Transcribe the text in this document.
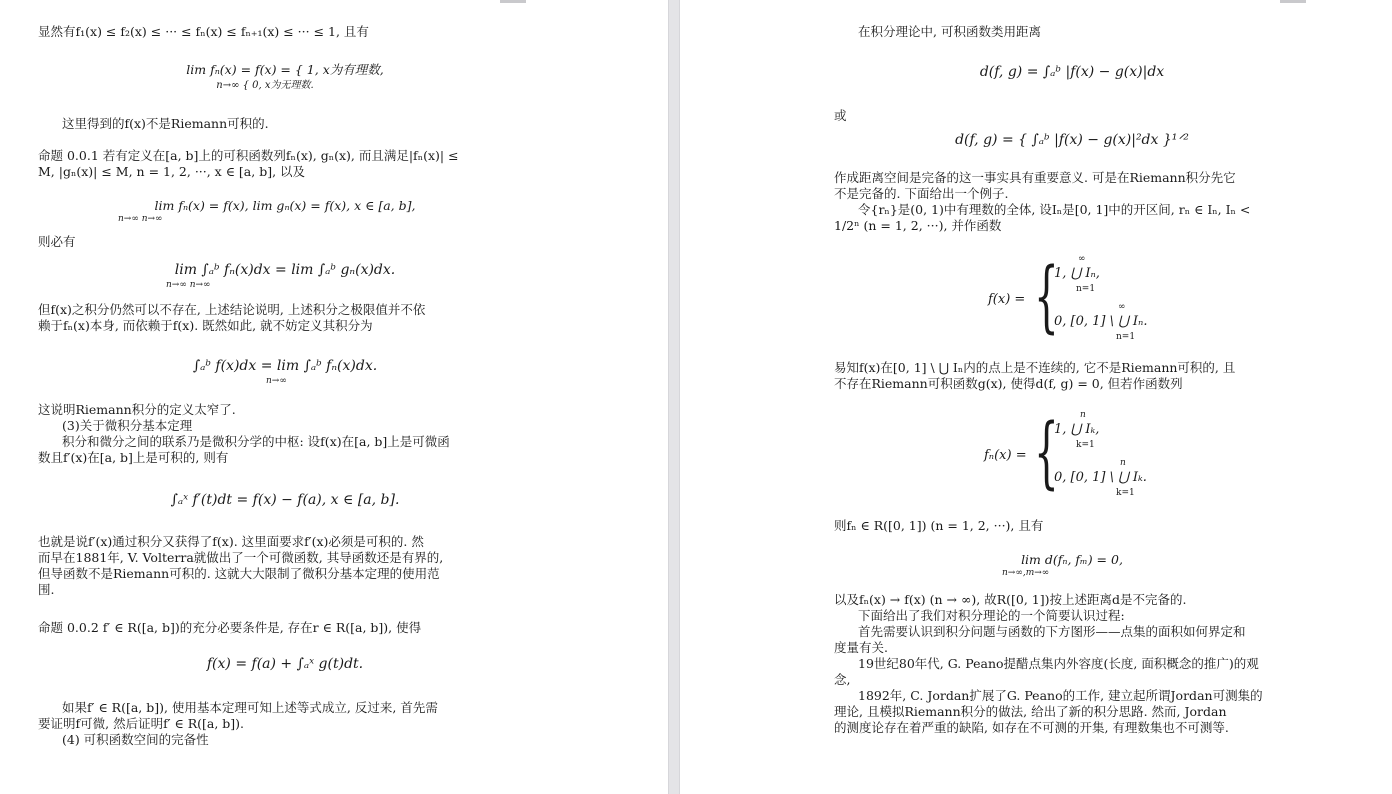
显然有f₁(x) ≤ f₂(x) ≤ ··· ≤ fₙ(x) ≤ fₙ₊₁(x) ≤ ··· ≤ 1, 且有

lim fₙ(x) = f(x) = { 1, x为有理数,
n→∞ { 0, x为无理数.

这里得到的f(x)不是Riemann可积的.

命题 0.0.1 若有定义在[a, b]上的可积函数列fₙ(x), gₙ(x), 而且满足|fₙ(x)| ≤

M, |gₙ(x)| ≤ M, n = 1, 2, ···, x ∈ [a, b], 以及

lim fₙ(x) = f(x), lim gₙ(x) = f(x), x ∈ [a, b],
n→∞ n→∞

则必有

lim ∫ₐᵇ fₙ(x)dx = lim ∫ₐᵇ gₙ(x)dx.
n→∞ n→∞

但f(x)之积分仍然可以不存在, 上述结论说明, 上述积分之极限值并不依

赖于fₙ(x)本身, 而依赖于f(x). 既然如此, 就不妨定义其积分为

∫ₐᵇ f(x)dx = lim ∫ₐᵇ fₙ(x)dx.
n→∞

这说明Riemann积分的定义太窄了.

(3)关于微积分基本定理

积分和微分之间的联系乃是微积分学的中枢: 设f(x)在[a, b]上是可微函

数且f′(x)在[a, b]上是可积的, 则有

∫ₐˣ f′(t)dt = f(x) − f(a), x ∈ [a, b].

也就是说f′(x)通过积分又获得了f(x). 这里面要求f′(x)必须是可积的. 然

而早在1881年, V. Volterra就做出了一个可微函数, 其导函数还是有界的,

但导函数不是Riemann可积的. 这就大大限制了微积分基本定理的使用范

围.

命题 0.0.2 f′ ∈ R([a, b])的充分必要条件是, 存在r ∈ R([a, b]), 使得

f(x) = f(a) + ∫ₐˣ g(t)dt.

如果f′ ∈ R([a, b]), 使用基本定理可知上述等式成立, 反过来, 首先需

要证明f可微, 然后证明f′ ∈ R([a, b]).

(4) 可积函数空间的完备性

在积分理论中, 可积函数类用距离

d(f, g) = ∫ₐᵇ |f(x) − g(x)|dx

或

d(f, g) = { ∫ₐᵇ |f(x) − g(x)|²dx }¹ᐟ²

作成距离空间是完备的这一事实具有重要意义. 可是在Riemann积分先它

不是完备的. 下面给出一个例子.

令{rₙ}是(0, 1)中有理数的全体, 设Iₙ是[0, 1]中的开区间, rₙ ∈ Iₙ, Iₙ <

1/2ⁿ (n = 1, 2, ···), 并作函数

f(x) = { ∞
1, ⋃ Iₙ,
n=1
0, [0, 1] \ ⋃ Iₙ.
∞
n=1

易知f(x)在[0, 1] \ ⋃ Iₙ内的点上是不连续的, 它不是Riemann可积的, 且

不存在Riemann可积函数g(x), 使得d(f, g) = 0, 但若作函数列

fₙ(x) = { n
1, ⋃ Iₖ,
k=1
0, [0, 1] \ ⋃ Iₖ.
n
k=1

则fₙ ∈ R([0, 1]) (n = 1, 2, ···), 且有

lim d(fₙ, fₘ) = 0,
n→∞,m→∞

以及fₙ(x) → f(x) (n → ∞), 故R([0, 1])按上述距离d是不完备的.

下面给出了我们对积分理论的一个简要认识过程:

首先需要认识到积分问题与函数的下方图形——点集的面积如何界定和

度量有关.

19世纪80年代, G. Peano提醋点集内外容度(长度, 面积概念的推广)的观

念,

1892年, C. Jordan扩展了G. Peano的工作, 建立起所谓Jordan可测集的

理论, 且模拟Riemann积分的做法, 给出了新的积分思路. 然而, Jordan

的测度论存在着严重的缺陷, 如存在不可测的开集, 有理数集也不可测等.
